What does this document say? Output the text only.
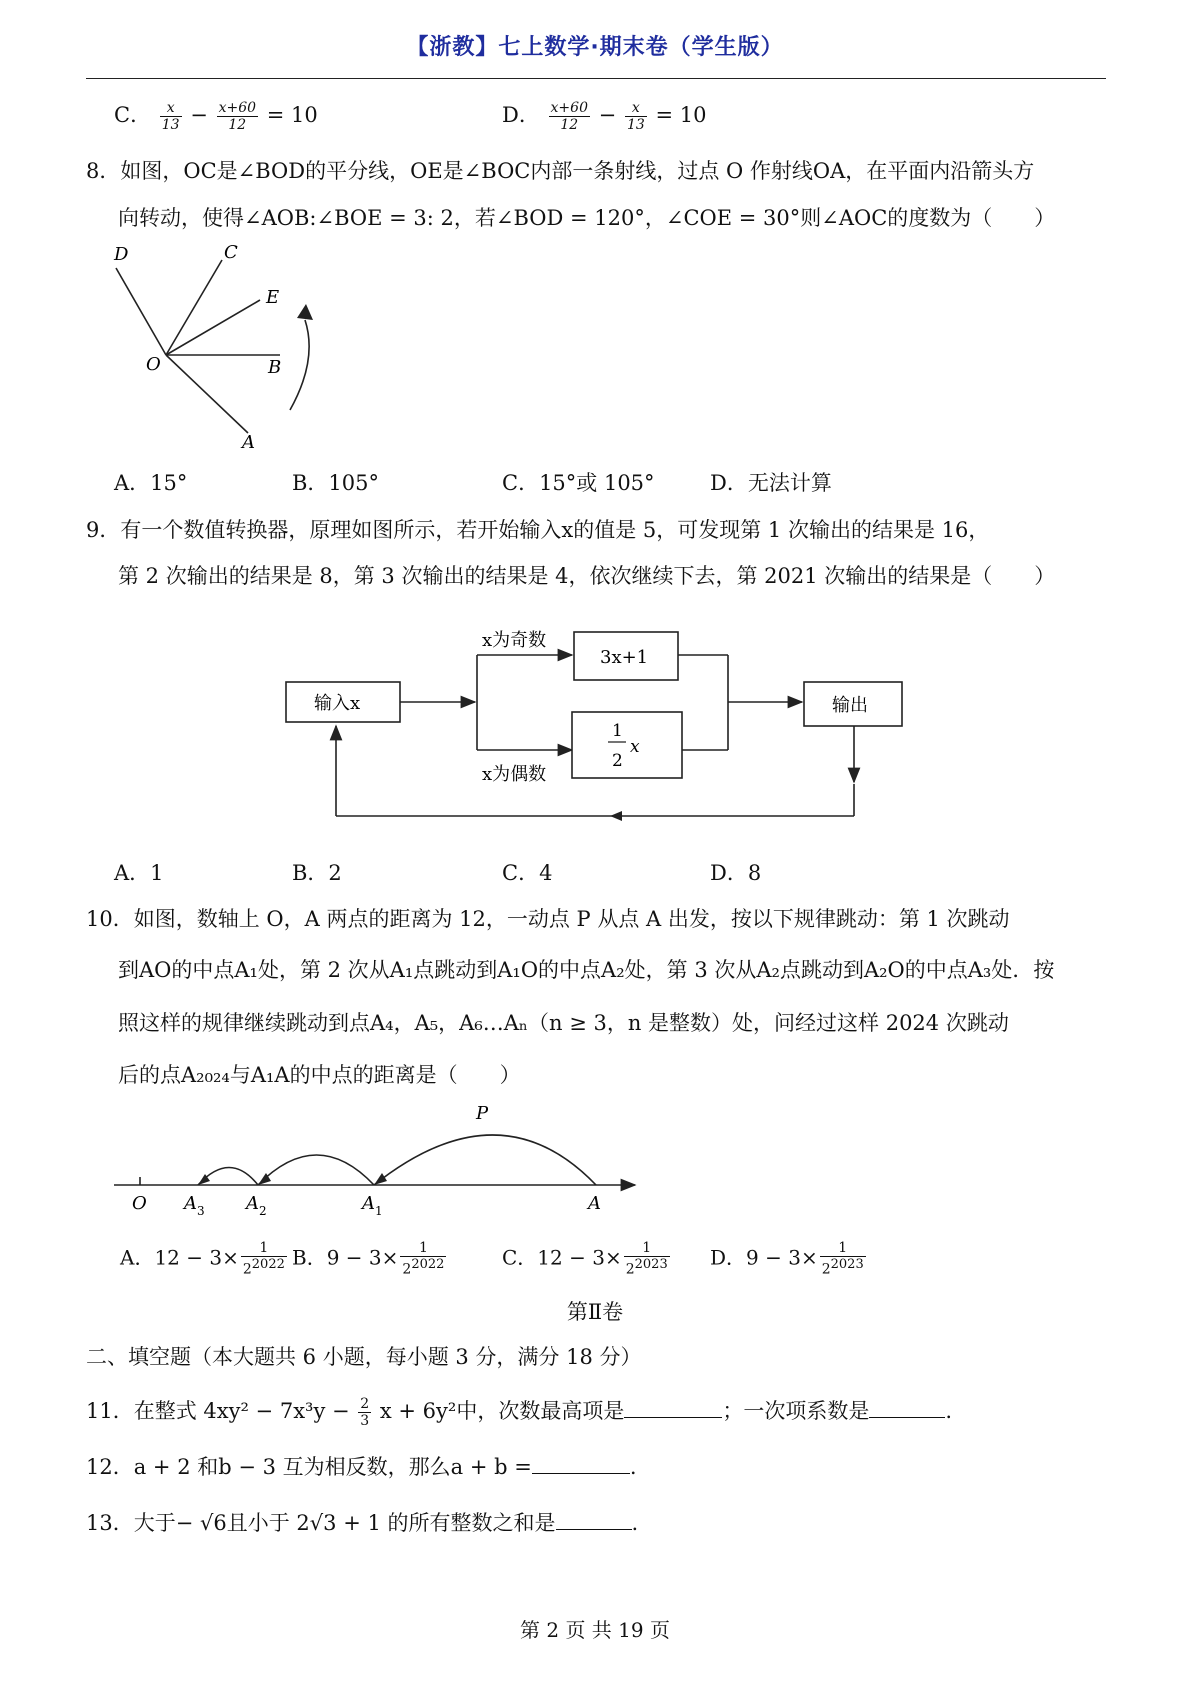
【浙教】七上数学·期末卷（学生版）
C． $\frac{x}{13} - \frac{x+60}{12} = 10$	D． $\frac{x+60}{12} - \frac{x}{13} = 10$
8．如图，OC是∠BOD的平分线，OE是∠BOC内部一条射线，过点 O 作射线OA，在平面内沿箭头方
向转动，使得∠AOB:∠BOE = 3: 2，若∠BOD = 120°，∠COE = 30°则∠AOC的度数为（　　）
D	C
E
O	B
A
A．15°	B．105°	C．15°或 105°	D．无法计算
9．有一个数值转换器，原理如图所示，若开始输入x的值是 5，可发现第 1 次输出的结果是 16，
第 2 次输出的结果是 8，第 3 次输出的结果是 4，依次继续下去，第 2021 次输出的结果是（　　）
输入x
x为奇数
x为偶数
3x+1
1
2
x
输出
A．1	B．2	C．4	D．8
10．如图，数轴上 O，A 两点的距离为 12，一动点 P 从点 A 出发，按以下规律跳动：第 1 次跳动
到AO的中点A₁处，第 2 次从A₁点跳动到A₁O的中点A₂处，第 3 次从A₂点跳动到A₂O的中点A₃处．按
照这样的规律继续跳动到点A₄，A₅，A₆…Aₙ（n ≥ 3，n 是整数）处，问经过这样 2024 次跳动
后的点A₂₀₂₄与A₁A的中点的距离是（　　）
P
O A 3 A 2	A 1	A
A．$12 - 3\times \frac{1}{2^{2022}}$ B．$9 - 3\times \frac{1}{2^{2022}}$	C．$12 - 3\times \frac{1}{2^{2023}}$ D．$9 - 3\times \frac{1}{2^{2023}}$
第Ⅱ卷
二、填空题（本大题共 6 小题，每小题 3 分，满分 18 分）
11．在整式 $4xy^2 - 7x^3y - \frac{2}{3}$ x + 6y²中，次数最高项是	；一次项系数是	.
12．a + 2 和b − 3 互为相反数，那么a + b =	.
13．大于− √6且小于 2√3 + 1 的所有整数之和是	.
第 2 页 共 19 页
